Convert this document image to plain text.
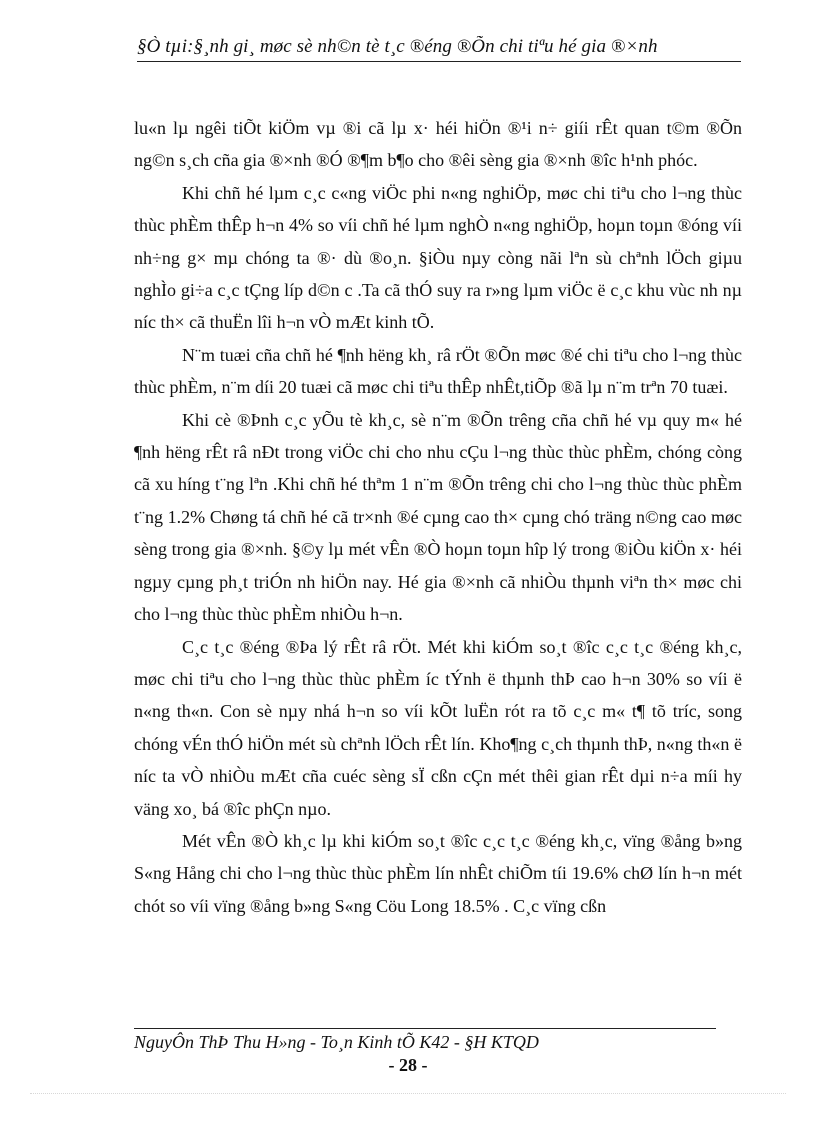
§Ò tµi:§¸nh gi¸ møc sè nh©n tè t¸c ®éng ®Õn chi tiªu hé gia ®×nh

lu«n lµ ngêi tiÕt kiÖm vµ ®i cã lµ x· héi hiÖn ®¹i n÷ giíi rÊt quan t©m ®Õn ng©n s¸ch cña gia ®×nh ®Ó ®¶m b¶o cho ®êi sèng gia ®×nh ®îc h¹nh phóc.

Khi chñ hé lµm c¸c c«ng viÖc phi n«ng nghiÖp, møc chi tiªu cho l¬ng thùc thùc phÈm thÊp h¬n 4% so víi chñ hé lµm nghÒ n«ng nghiÖp, hoµn toµn ®óng víi nh÷ng g× mµ chóng ta ®· dù ®o¸n. §iÒu nµy còng nãi lªn sù chªnh lÖch giµu nghÌo gi÷a c¸c tÇng líp d©n c .Ta cã thÓ suy ra r»ng lµm viÖc ë c¸c khu vùc nh nµ níc th× cã thuËn lîi h¬n vÒ mÆt kinh tÕ.

N¨m tuæi cña chñ hé ¶nh hëng kh¸ râ rÖt ®Õn møc ®é chi tiªu cho l¬ng thùc thùc phÈm, n¨m díi 20 tuæi cã møc chi tiªu thÊp nhÊt,tiÕp ®ã lµ n¨m trªn 70 tuæi.

Khi cè ®Þnh c¸c yÕu tè kh¸c, sè n¨m ®Õn trêng cña chñ hé vµ quy m« hé ¶nh hëng rÊt râ nÐt trong viÖc chi cho nhu cÇu l¬ng thùc thùc phÈm, chóng còng cã xu híng t¨ng lªn .Khi chñ hé thªm 1 n¨m ®Õn trêng chi cho l¬ng thùc thùc phÈm t¨ng 1.2% Chøng tá chñ hé cã tr×nh ®é cµng cao th× cµng chó träng n©ng cao møc sèng trong gia ®×nh. §©y lµ mét vÊn ®Ò hoµn toµn hîp lý trong ®iÒu kiÖn x· héi ngµy cµng ph¸t triÓn nh hiÖn nay. Hé gia ®×nh cã nhiÒu thµnh viªn th× møc chi cho l¬ng thùc thùc phÈm nhiÒu h¬n.

C¸c t¸c ®éng ®Þa lý rÊt râ rÖt. Mét khi kiÓm so¸t ®îc c¸c t¸c ®éng kh¸c, møc chi tiªu cho l¬ng thùc thùc phÈm íc tÝnh ë thµnh thÞ cao h¬n 30% so víi ë n«ng th«n. Con sè nµy nhá h¬n so víi kÕt luËn rót ra tõ c¸c m« t¶ tõ tríc, song chóng vÉn thÓ hiÖn mét sù chªnh lÖch rÊt lín. Kho¶ng c¸ch thµnh thÞ, n«ng th«n ë níc ta vÒ nhiÒu mÆt cña cuéc sèng sÏ cßn cÇn mét thêi gian rÊt dµi n÷a míi hy väng xo¸ bá ®îc phÇn nµo.

Mét vÊn ®Ò kh¸c lµ khi kiÓm so¸t ®îc c¸c t¸c ®éng kh¸c, vïng ®ång b»ng S«ng Hång chi cho l¬ng thùc thùc phÈm lín nhÊt chiÕm tíi 19.6% chØ lín h¬n mét chót so víi vïng ®ång b»ng S«ng Cöu Long 18.5% . C¸c vïng cßn

NguyÔn ThÞ Thu H»ng - To¸n Kinh tÕ K42 - §H KTQD
- 28 -
